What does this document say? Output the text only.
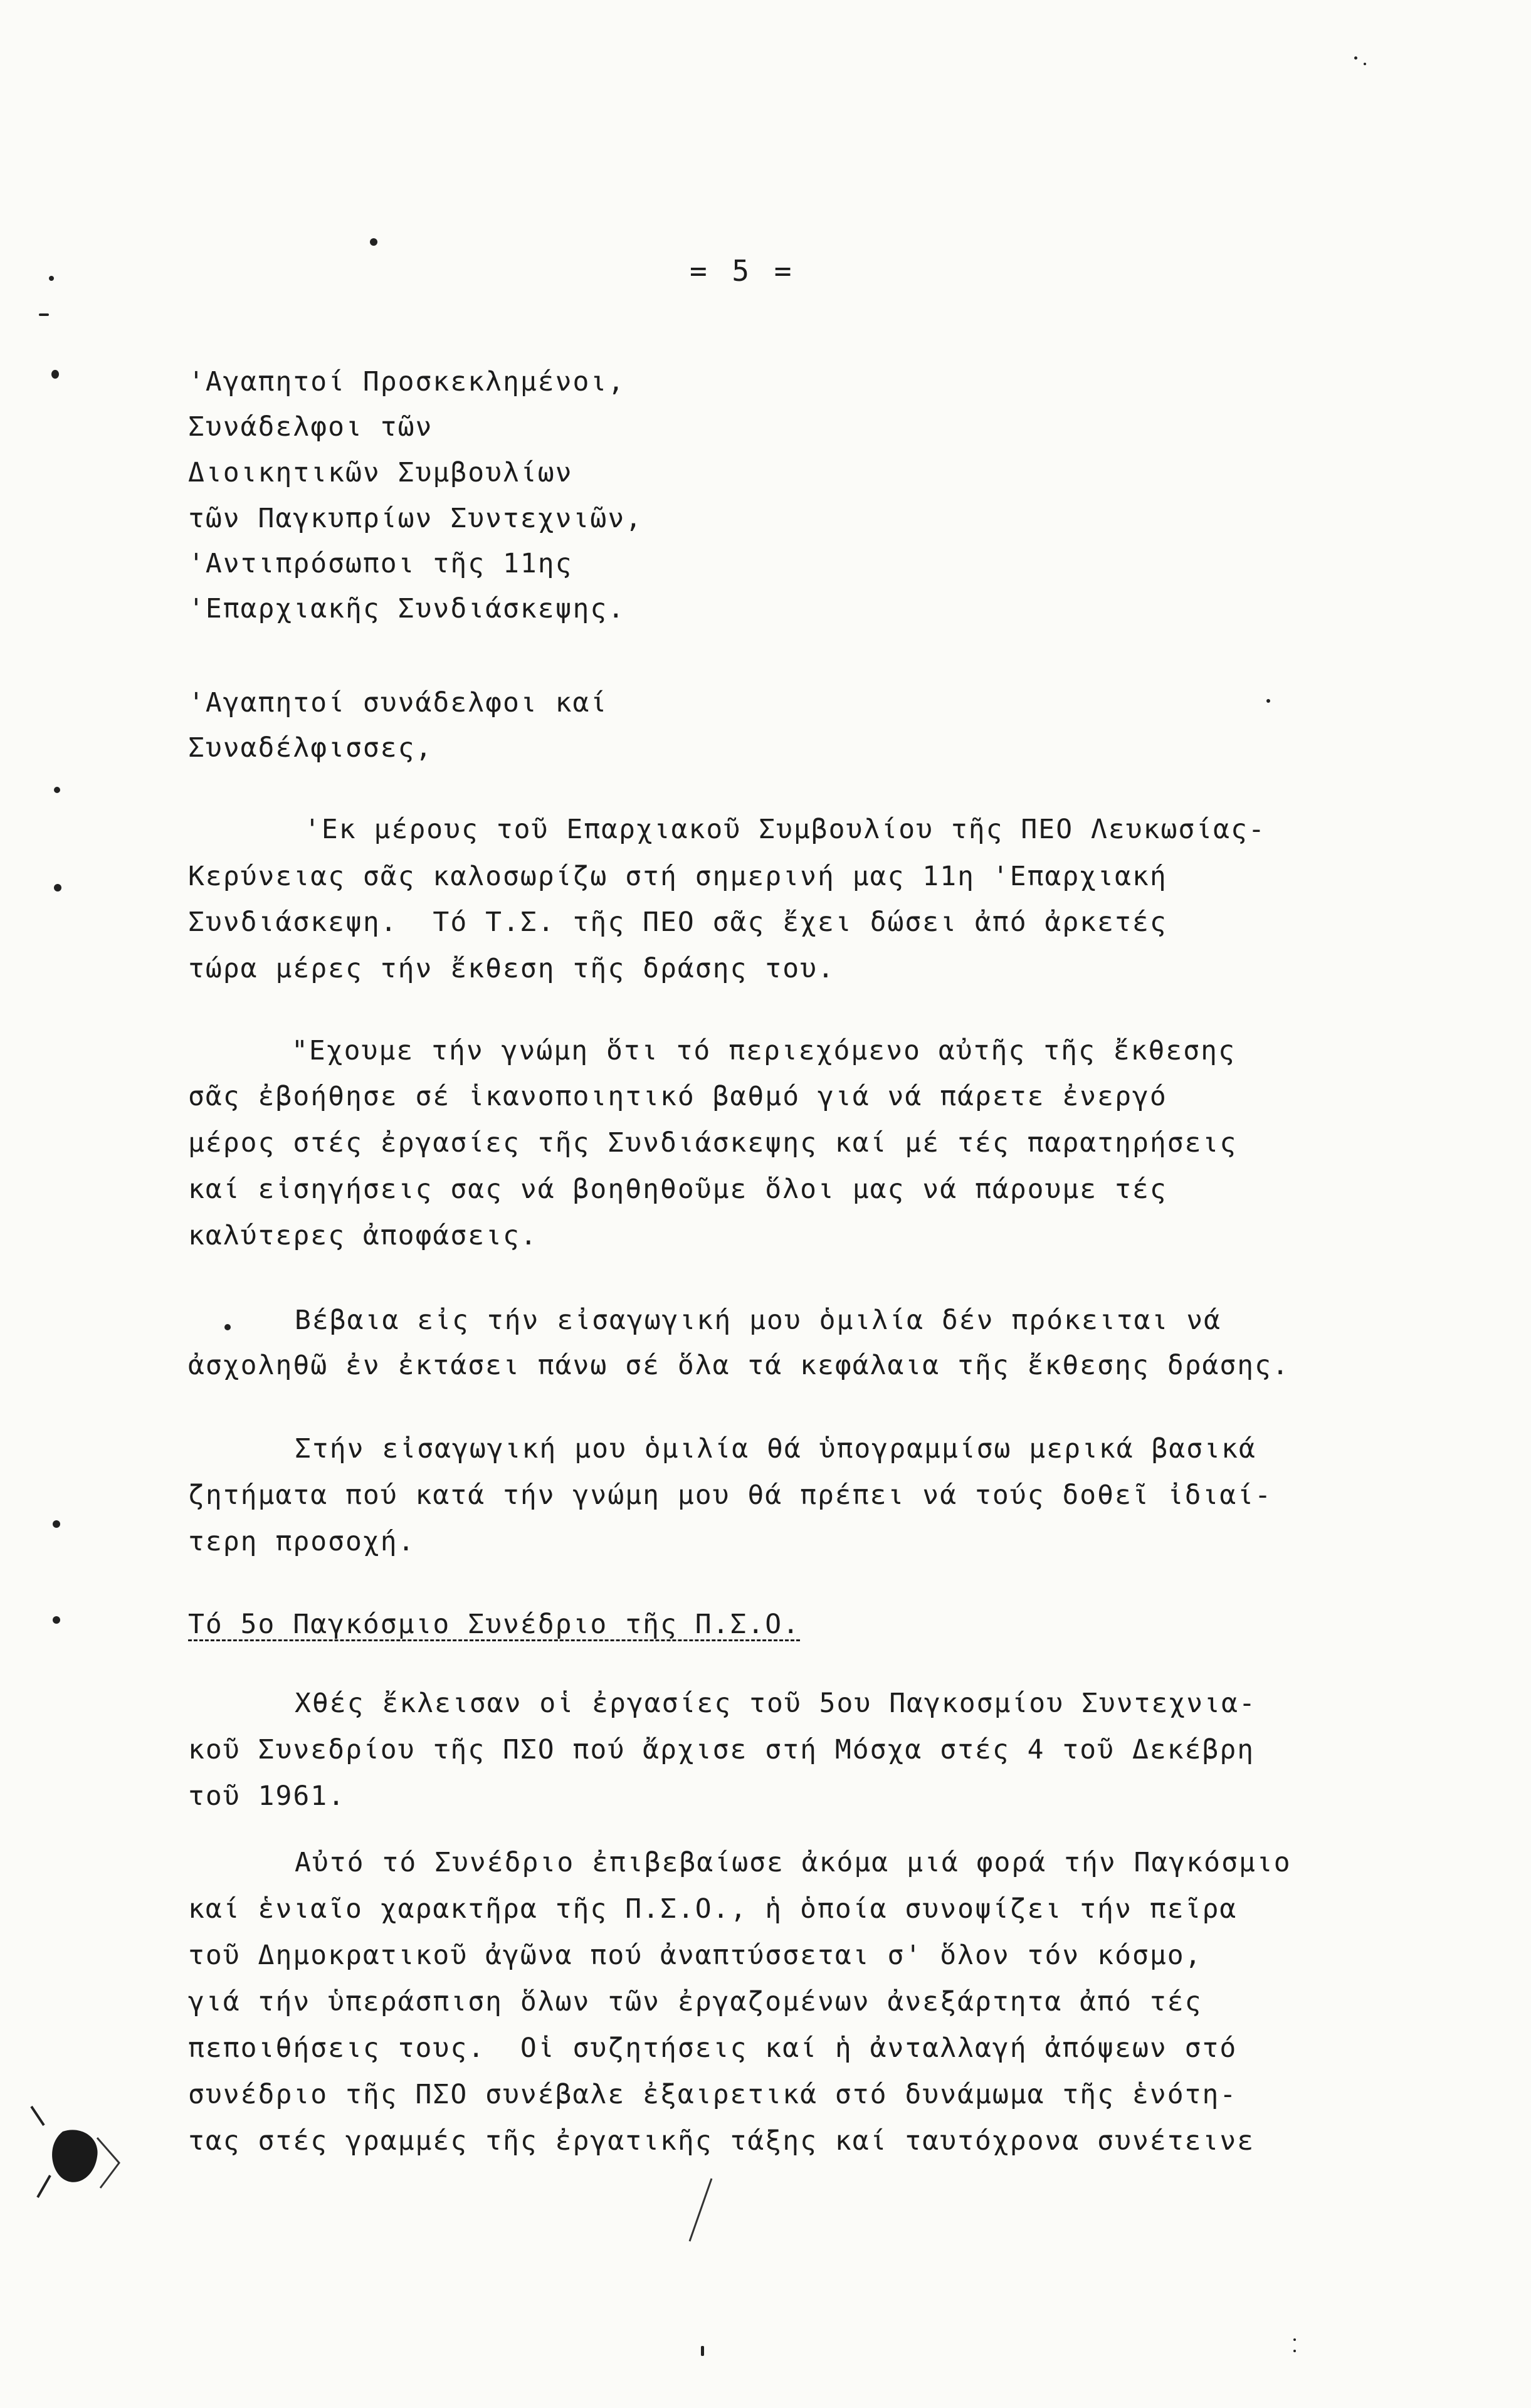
= 5 =
'Αγαπητοί Προσκεκλημένοι,
Συνάδελφοι τῶν
Διοικητικῶν Συμβουλίων
τῶν Παγκυπρίων Συντεχνιῶν,
'Αντιπρόσωποι τῆς 11ης
'Επαρχιακῆς Συνδιάσκεψης.
'Αγαπητοί συνάδελφοι καί
Συναδέλφισσες,
'Εκ μέρους τοῦ Επαρχιακοῦ Συμβουλίου τῆς ΠΕΟ Λευκωσίας-
Κερύνειας σᾶς καλοσωρίζω στή σημερινή μας 11η 'Επαρχιακή
Συνδιάσκεψη.  Τό Τ.Σ. τῆς ΠΕΟ σᾶς ἔχει δώσει ἀπό ἀρκετές
τώρα μέρες τήν ἔκθεση τῆς δράσης του.
"Εχουμε τήν γνώμη ὅτι τό περιεχόμενο αὐτῆς τῆς ἔκθεσης
σᾶς ἐβοήθησε σέ ἱκανοποιητικό βαθμό γιά νά πάρετε ἐνεργό
μέρος στές ἐργασίες τῆς Συνδιάσκεψης καί μέ τές παρατηρήσεις
καί εἰσηγήσεις σας νά βοηθηθοῦμε ὅλοι μας νά πάρουμε τές
καλύτερες ἀποφάσεις.
Βέβαια εἰς τήν εἰσαγωγική μου ὁμιλία δέν πρόκειται νά
ἀσχοληθῶ ἐν ἐκτάσει πάνω σέ ὅλα τά κεφάλαια τῆς ἔκθεσης δράσης.
Στήν εἰσαγωγική μου ὁμιλία θά ὑπογραμμίσω μερικά βασικά
ζητήματα πού κατά τήν γνώμη μου θά πρέπει νά τούς δοθεῖ ἰδιαί-
τερη προσοχή.
Τό 5ο Παγκόσμιο Συνέδριο τῆς Π.Σ.Ο.
Χθές ἔκλεισαν οἱ ἐργασίες τοῦ 5ου Παγκοσμίου Συντεχνια-
κοῦ Συνεδρίου τῆς ΠΣΟ πού ἄρχισε στή Μόσχα στές 4 τοῦ Δεκέβρη
τοῦ 1961.
Αὐτό τό Συνέδριο ἐπιβεβαίωσε ἀκόμα μιά φορά τήν Παγκόσμιο
καί ἑνιαῖο χαρακτῆρα τῆς Π.Σ.Ο., ἡ ὁποία συνοψίζει τήν πεῖρα
τοῦ Δημοκρατικοῦ ἀγῶνα πού ἀναπτύσσεται σ' ὅλον τόν κόσμο,
γιά τήν ὑπεράσπιση ὅλων τῶν ἐργαζομένων ἀνεξάρτητα ἀπό τές
πεποιθήσεις τους.  Οἱ συζητήσεις καί ἡ ἀνταλλαγή ἀπόψεων στό
συνέδριο τῆς ΠΣΟ συνέβαλε ἐξαιρετικά στό δυνάμωμα τῆς ἑνότη-
τας στές γραμμές τῆς ἐργατικῆς τάξης καί ταυτόχρονα συνέτεινε
